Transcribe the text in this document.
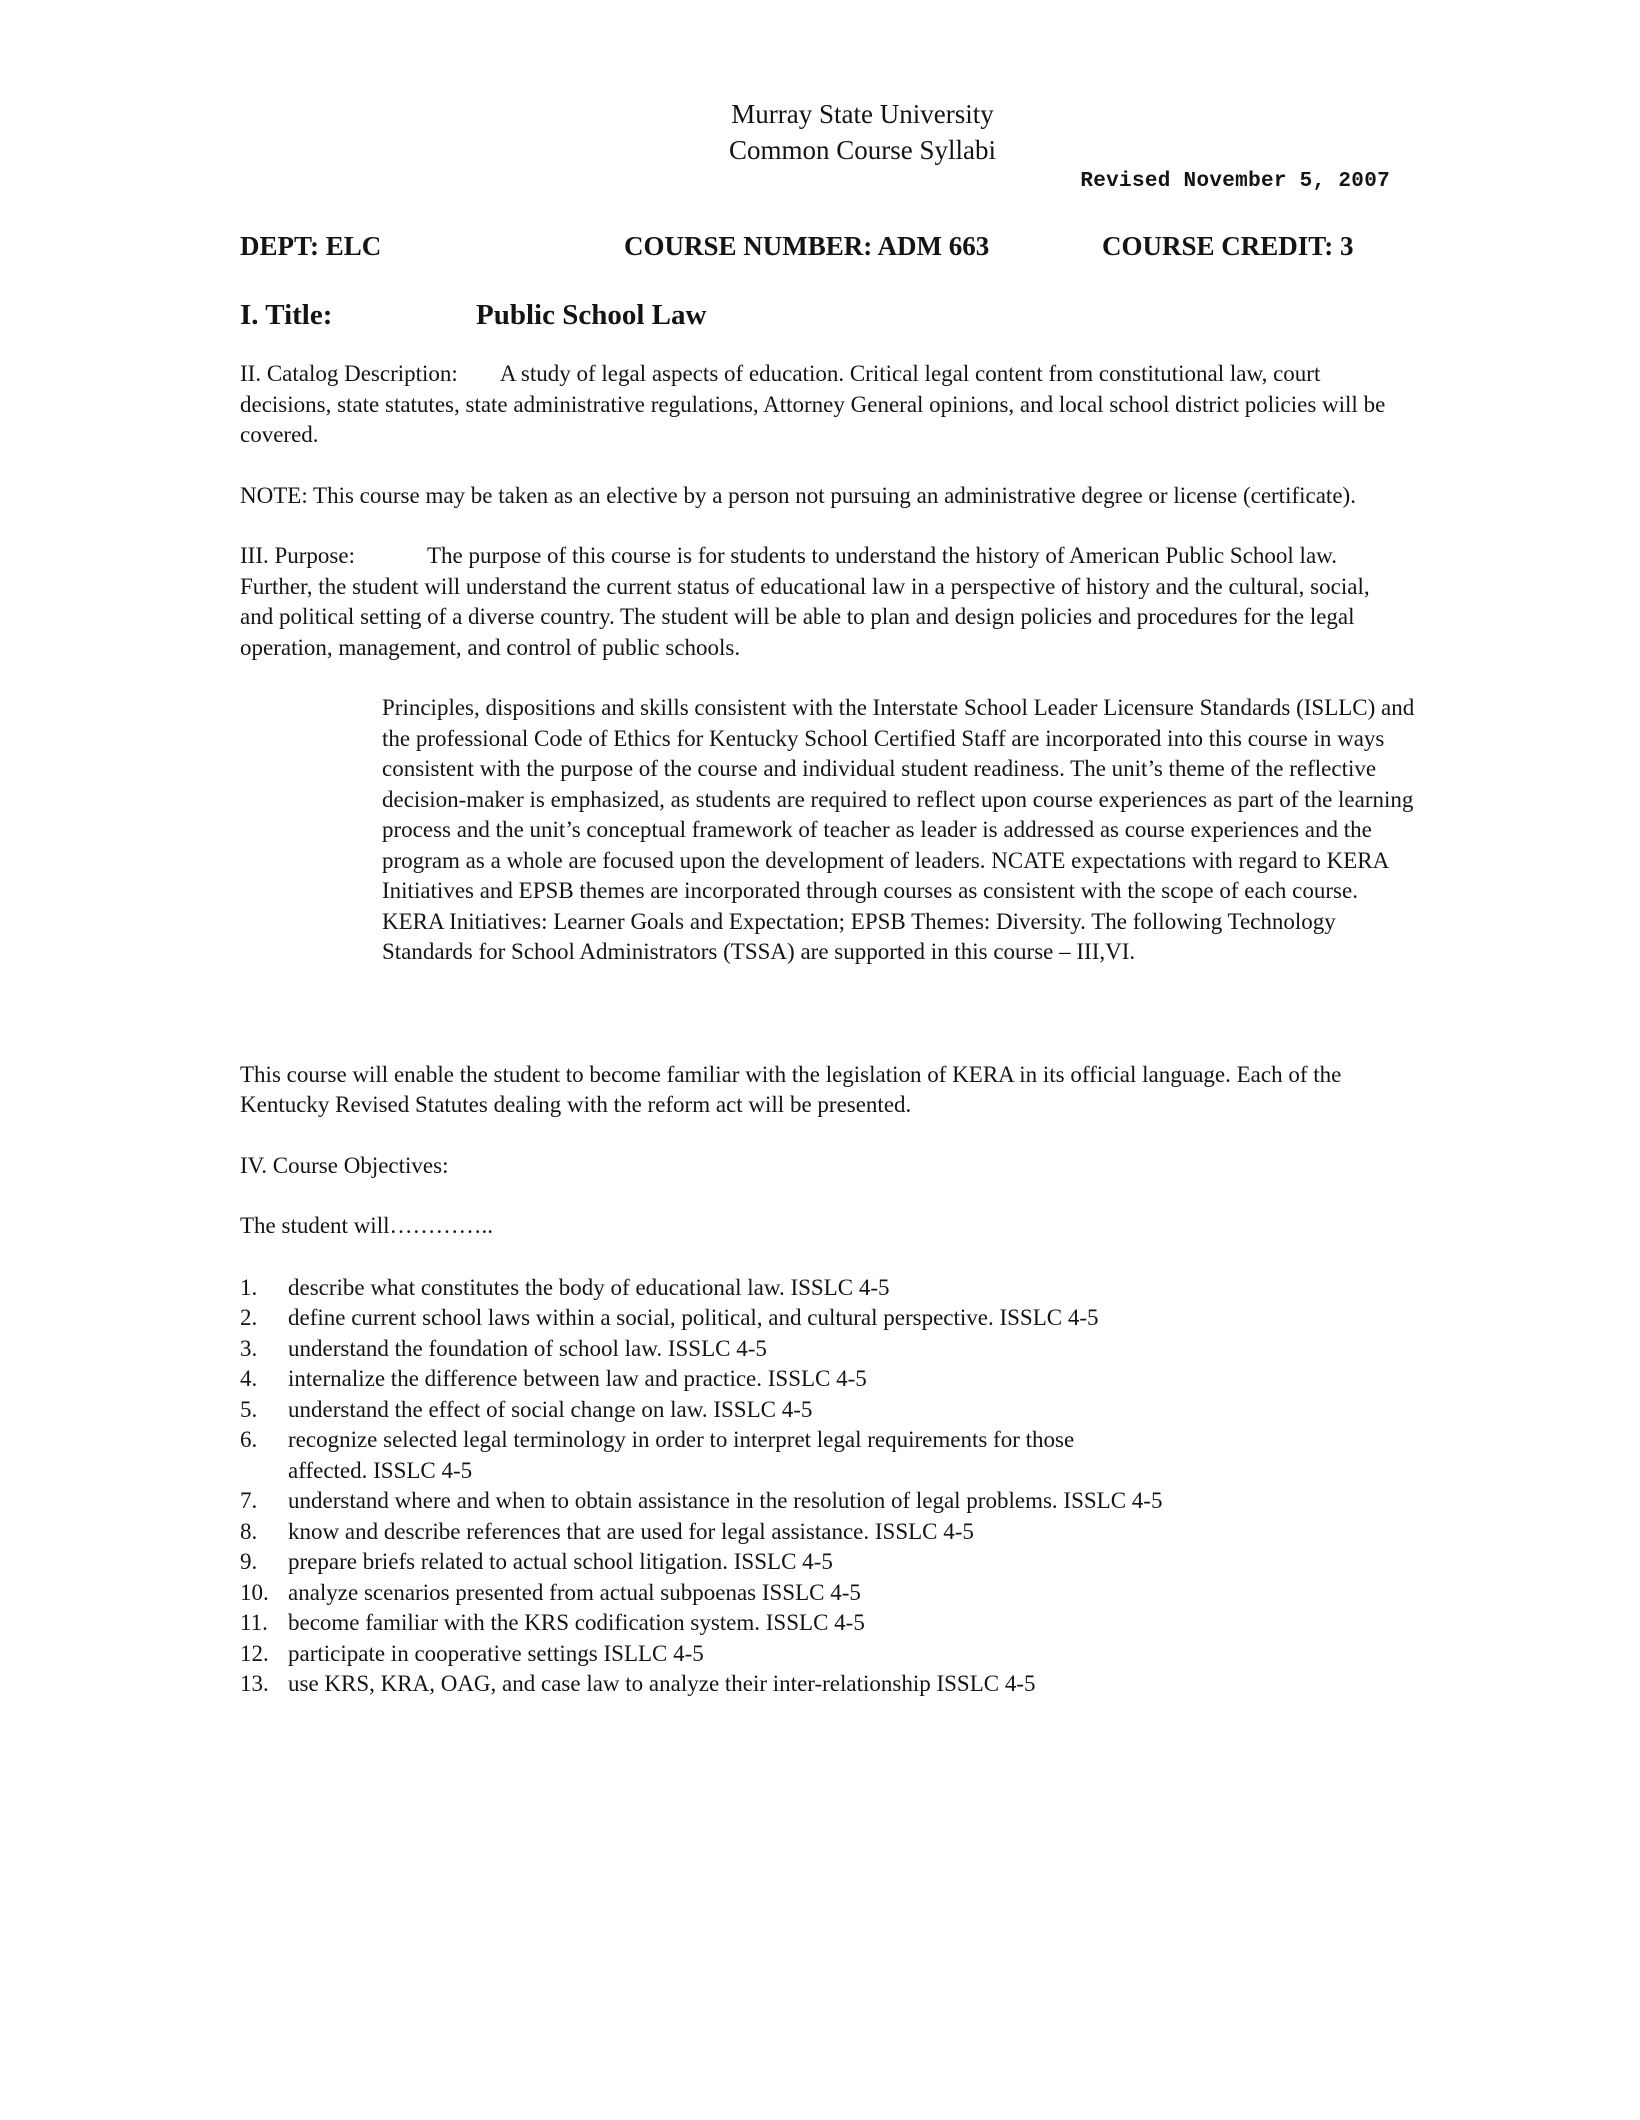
Murray State University
Common Course Syllabi
Revised November 5, 2007
DEPT: ELC	COURSE NUMBER: ADM 663	COURSE CREDIT: 3
I. Title:	Public School Law

II. Catalog Description: A study of legal aspects of education. Critical legal content from constitutional law, court decisions, state statutes, state administrative regulations, Attorney General opinions, and local school district policies will be covered.

NOTE: This course may be taken as an elective by a person not pursuing an administrative degree or license (certificate).

III. Purpose:	The purpose of this course is for students to understand the history of American Public School law. Further, the student will understand the current status of educational law in a perspective of history and the cultural, social, and political setting of a diverse country. The student will be able to plan and design policies and procedures for the legal operation, management, and control of public schools.

Principles, dispositions and skills consistent with the Interstate School Leader Licensure Standards (ISLLC) and the professional Code of Ethics for Kentucky School Certified Staff are incorporated into this course in ways consistent with the purpose of the course and individual student readiness. The unit’s theme of the reflective decision-maker is emphasized, as students are required to reflect upon course experiences as part of the learning process and the unit’s conceptual framework of teacher as leader is addressed as course experiences and the program as a whole are focused upon the development of leaders. NCATE expectations with regard to KERA Initiatives and EPSB themes are incorporated through courses as consistent with the scope of each course. KERA Initiatives: Learner Goals and Expectation; EPSB Themes: Diversity. The following Technology Standards for School Administrators (TSSA) are supported in this course – III,VI.

This course will enable the student to become familiar with the legislation of KERA in its official language. Each of the Kentucky Revised Statutes dealing with the reform act will be presented.

IV. Course Objectives:

The student will…………..

1.	describe what constitutes the body of educational law. ISSLC 4-5
2.	define current school laws within a social, political, and cultural perspective. ISSLC 4-5
3.	understand the foundation of school law. ISSLC 4-5
4.	internalize the difference between law and practice. ISSLC 4-5
5.	understand the effect of social change on law. ISSLC 4-5
6.	recognize selected legal terminology in order to interpret legal requirements for those affected. ISSLC 4-5
7.	understand where and when to obtain assistance in the resolution of legal problems. ISSLC 4-5
8.	know and describe references that are used for legal assistance. ISSLC 4-5
9.	prepare briefs related to actual school litigation. ISSLC 4-5
10. analyze scenarios presented from actual subpoenas ISSLC 4-5
11. become familiar with the KRS codification system. ISSLC 4-5
12. participate in cooperative settings ISLLC 4-5
13. use KRS, KRA, OAG, and case law to analyze their inter-relationship ISSLC 4-5
